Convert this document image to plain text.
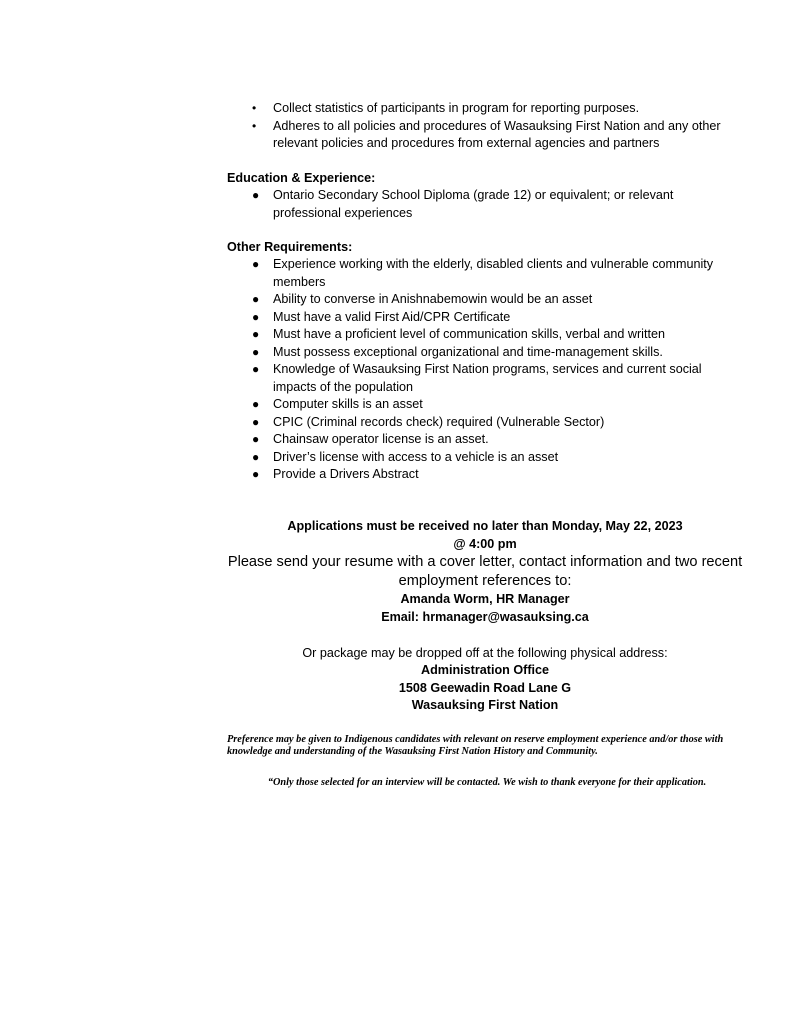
• Collect statistics of participants in program for reporting purposes.
• Adheres to all policies and procedures of Wasauksing First Nation and any other relevant policies and procedures from external agencies and partners

Education & Experience:

● Ontario Secondary School Diploma (grade 12) or equivalent; or relevant professional experiences

Other Requirements:

● Experience working with the elderly, disabled clients and vulnerable community members
● Ability to converse in Anishnabemowin would be an asset
● Must have a valid First Aid/CPR Certificate
● Must have a proficient level of communication skills, verbal and written
● Must possess exceptional organizational and time-management skills.
● Knowledge of Wasauksing First Nation programs, services and current social impacts of the population
● Computer skills is an asset
● CPIC (Criminal records check) required (Vulnerable Sector)
● Chainsaw operator license is an asset.
● Driver’s license with access to a vehicle is an asset
● Provide a Drivers Abstract
Applications must be received no later than Monday, May 22, 2023
@ 4:00 pm
Please send your resume with a cover letter, contact information and two recent
employment references to:
Amanda Worm, HR Manager
Email: hrmanager@wasauksing.ca
Or package may be dropped off at the following physical address:
Administration Office
1508 Geewadin Road Lane G
Wasauksing First Nation
Preference may be given to Indigenous candidates with relevant on reserve employment experience and/or those with knowledge and understanding of the Wasauksing First Nation History and Community.
“Only those selected for an interview will be contacted. We wish to thank everyone for their application.
